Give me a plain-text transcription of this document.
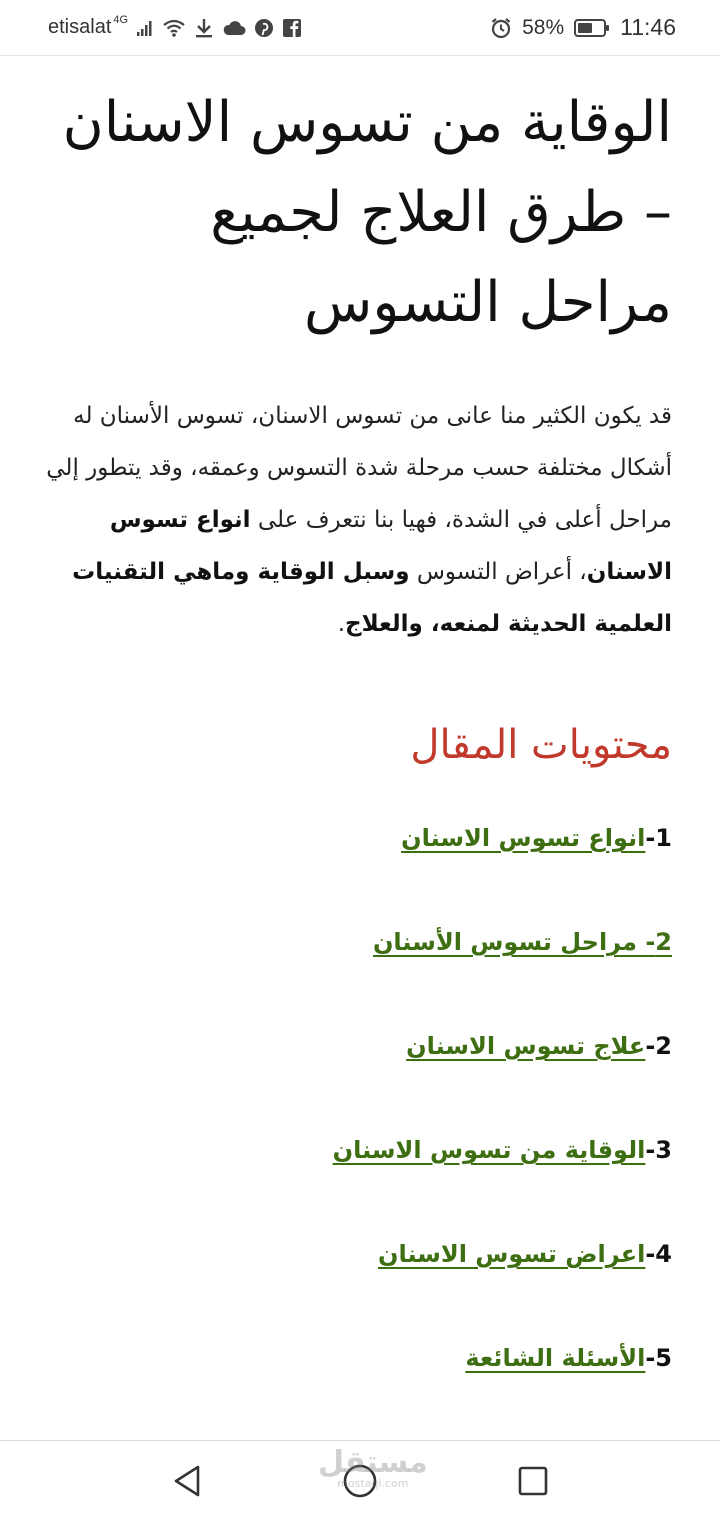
etisalat 4G	58% 11:46
الوقاية من تسوس الاسنان – طرق العلاج لجميع مراحل التسوس

قد يكون الكثير منا عانى من تسوس الاسنان، تسوس الأسنان له أشكال مختلفة حسب مرحلة شدة التسوس وعمقه، وقد يتطور إلي مراحل أعلى في الشدة، فهيا بنا نتعرف على انواع تسوس الاسنان، أعراض التسوس وسبل الوقاية وماهي التقنيات العلمية الحديثة لمنعه، والعلاج.

محتويات المقال
1-انواع تسوس الاسنان
2- مراحل تسوس الأسنان
2-علاج تسوس الاسنان
3-الوقاية من تسوس الاسنان
4-اعراض تسوس الاسنان
5-الأسئلة الشائعة
مستقل
mostaql.com
